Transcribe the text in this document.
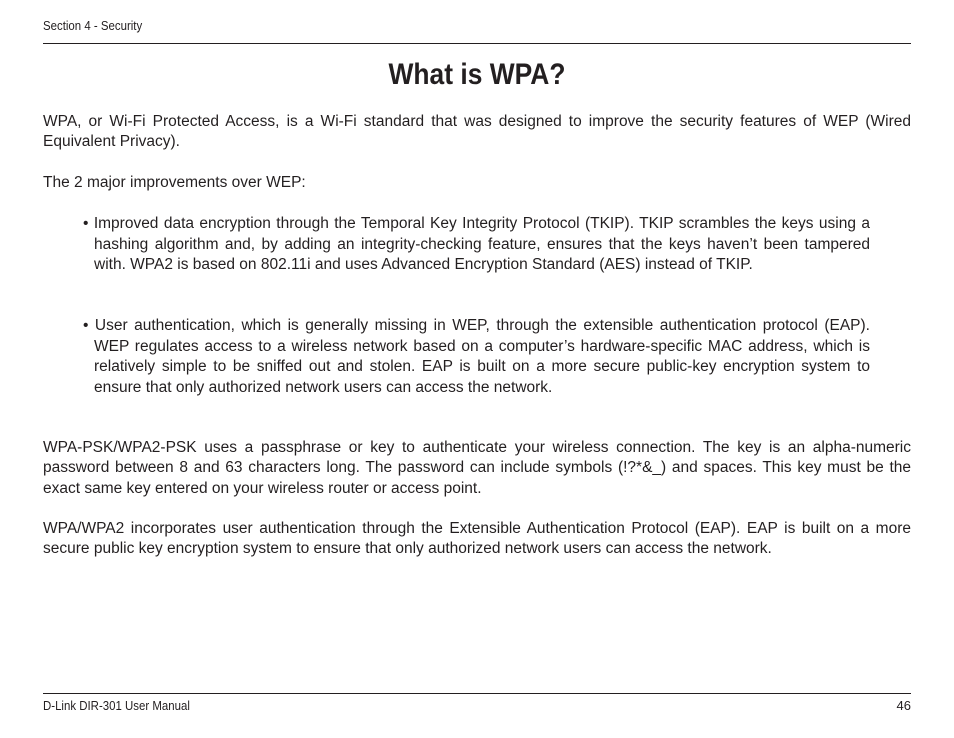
Section 4 - Security
What is WPA?

WPA, or Wi-Fi Protected Access, is a Wi-Fi standard that was designed to improve the security features of WEP (Wired Equivalent Privacy).

The 2 major improvements over WEP:

• Improved data encryption through the Temporal Key Integrity Protocol (TKIP). TKIP scrambles the keys using a hashing algorithm and, by adding an integrity-checking feature, ensures that the keys haven’t been tampered with. WPA2 is based on 802.11i and uses Advanced Encryption Standard (AES) instead of TKIP.

• User authentication, which is generally missing in WEP, through the extensible authentication protocol (EAP). WEP regulates access to a wireless network based on a computer’s hardware-specific MAC address, which is relatively simple to be sniffed out and stolen. EAP is built on a more secure public-key encryption system to ensure that only authorized network users can access the network.

WPA-PSK/WPA2-PSK uses a passphrase or key to authenticate your wireless connection. The key is an alpha-numeric password between 8 and 63 characters long. The password can include symbols (!?*&_) and spaces. This key must be the exact same key entered on your wireless router or access point.

WPA/WPA2 incorporates user authentication through the Extensible Authentication Protocol (EAP). EAP is built on a more secure public key encryption system to ensure that only authorized network users can access the network.

D-Link DIR-301 User Manual	46
